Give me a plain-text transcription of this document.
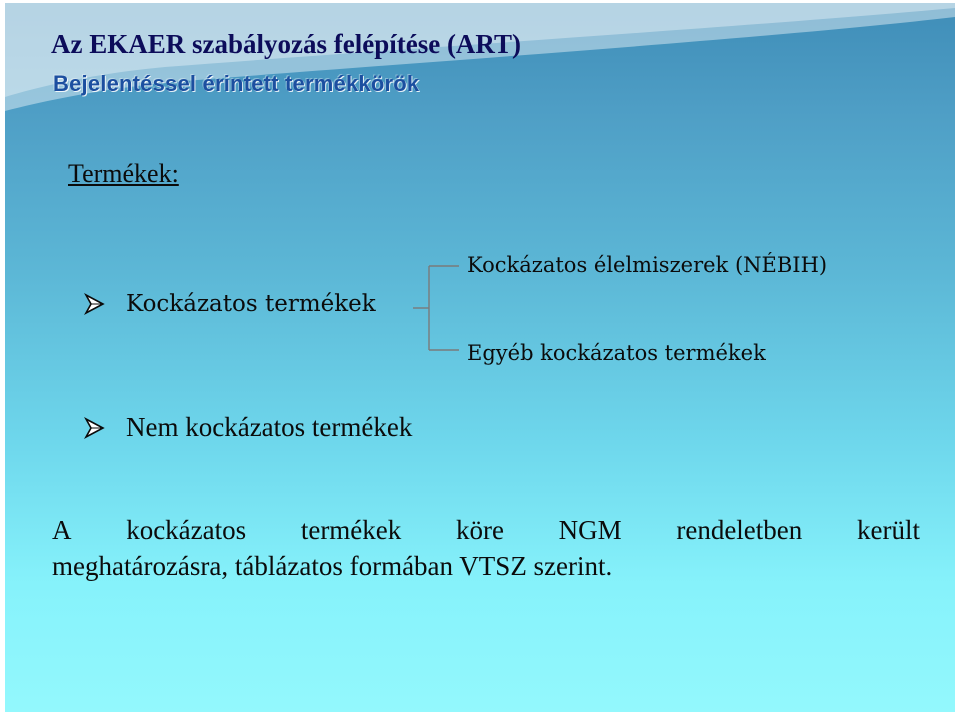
Az EKAER szabályozás felépítése (ART)
Bejelentéssel érintett termékkörök
Termékek:
Kockázatos termékek
Kockázatos élelmiszerek (NÉBIH)
Egyéb kockázatos termékek
Nem kockázatos termékek
A kockázatos termékek köre NGM rendeletben került
meghatározásra, táblázatos formában VTSZ szerint.
